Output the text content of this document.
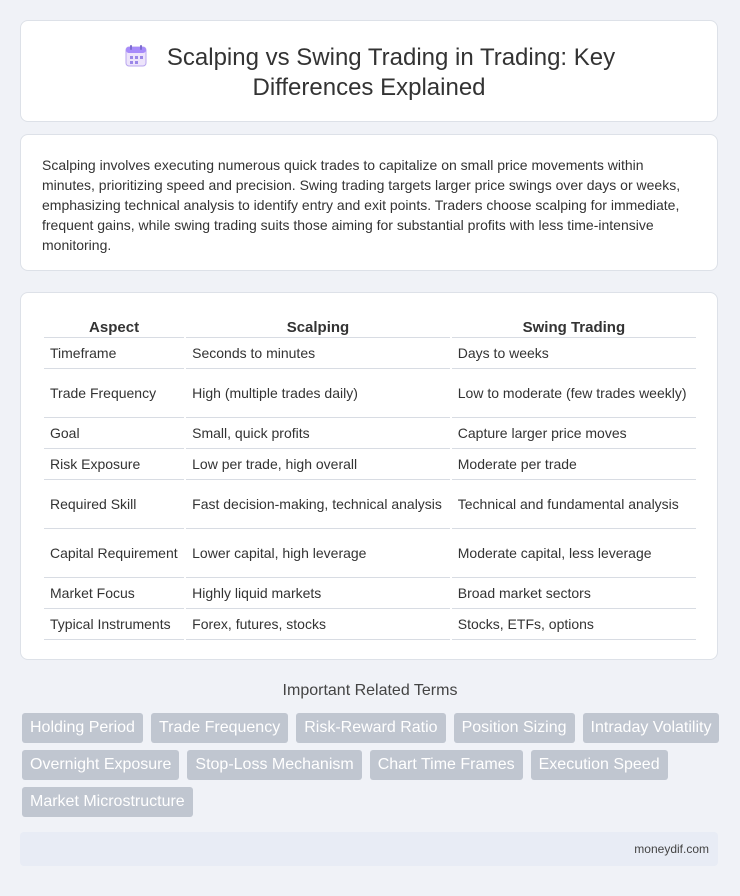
Scalping vs Swing Trading in Trading: Key Differences Explained
Scalping involves executing numerous quick trades to capitalize on small price movements within minutes, prioritizing speed and precision. Swing trading targets larger price swings over days or weeks, emphasizing technical analysis to identify entry and exit points. Traders choose scalping for immediate, frequent gains, while swing trading suits those aiming for substantial profits with less time-intensive monitoring.
Aspect	Scalping	Swing Trading
Timeframe	Seconds to minutes	Days to weeks
Trade Frequency	High (multiple trades daily)	Low to moderate (few trades weekly)
Goal	Small, quick profits	Capture larger price moves
Risk Exposure	Low per trade, high overall	Moderate per trade
Required Skill	Fast decision-making, technical analysis	Technical and fundamental analysis
Capital Requirement	Lower capital, high leverage	Moderate capital, less leverage
Market Focus	Highly liquid markets	Broad market sectors
Typical Instruments	Forex, futures, stocks	Stocks, ETFs, options
Important Related Terms
Holding Period	Trade Frequency	Risk-Reward Ratio	Position Sizing	Intraday Volatility
Overnight Exposure	Stop-Loss Mechanism	Chart Time Frames	Execution Speed
Market Microstructure
moneydif.com
